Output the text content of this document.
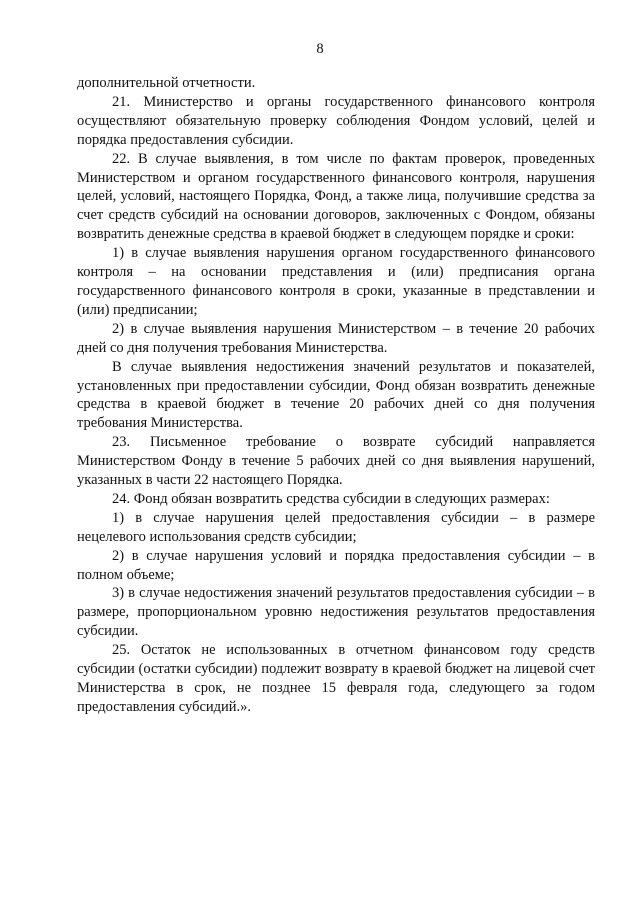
8

дополнительной отчетности.

21. Министерство и органы государственного финансового контроля осуществляют обязательную проверку соблюдения Фондом условий, целей и порядка предоставления субсидии.

22. В случае выявления, в том числе по фактам проверок, проведенных Министерством и органом государственного финансового контроля, нарушения целей, условий, настоящего Порядка, Фонд, а также лица, получившие средства за счет средств субсидий на основании договоров, заключенных с Фондом, обязаны возвратить денежные средства в краевой бюджет в следующем порядке и сроки:

1) в случае выявления нарушения органом государственного финансового контроля – на основании представления и (или) предписания органа государственного финансового контроля в сроки, указанные в представлении и (или) предписании;

2) в случае выявления нарушения Министерством – в течение 20 рабочих дней со дня получения требования Министерства.

В случае выявления недостижения значений результатов и показателей, установленных при предоставлении субсидии, Фонд обязан возвратить денежные средства в краевой бюджет в течение 20 рабочих дней со дня получения требования Министерства.

23. Письменное требование о возврате субсидий направляется Министерством Фонду в течение 5 рабочих дней со дня выявления нарушений, указанных в части 22 настоящего Порядка.

24. Фонд обязан возвратить средства субсидии в следующих размерах:

1) в случае нарушения целей предоставления субсидии – в размере нецелевого использования средств субсидии;

2) в случае нарушения условий и порядка предоставления субсидии – в полном объеме;

3) в случае недостижения значений результатов предоставления субсидии – в размере, пропорциональном уровню недостижения результатов предоставления субсидии.

25. Остаток не использованных в отчетном финансовом году средств субсидии (остатки субсидии) подлежит возврату в краевой бюджет на лицевой счет Министерства в срок, не позднее 15 февраля года, следующего за годом предоставления субсидий.».
